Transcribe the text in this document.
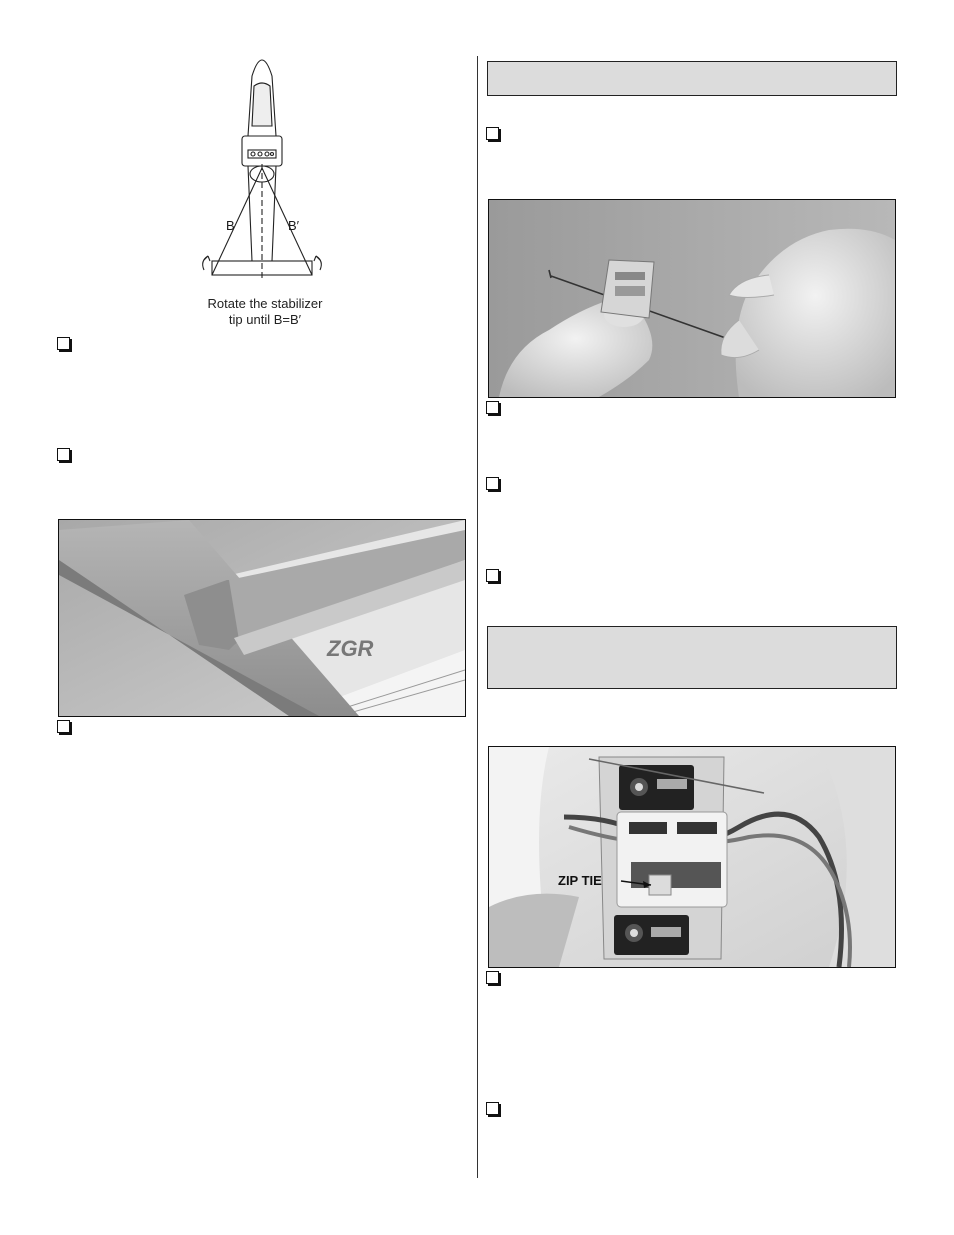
B	B′
Rotate the stabilizer
tip until B=B′
ZGR
ZIP TIE
